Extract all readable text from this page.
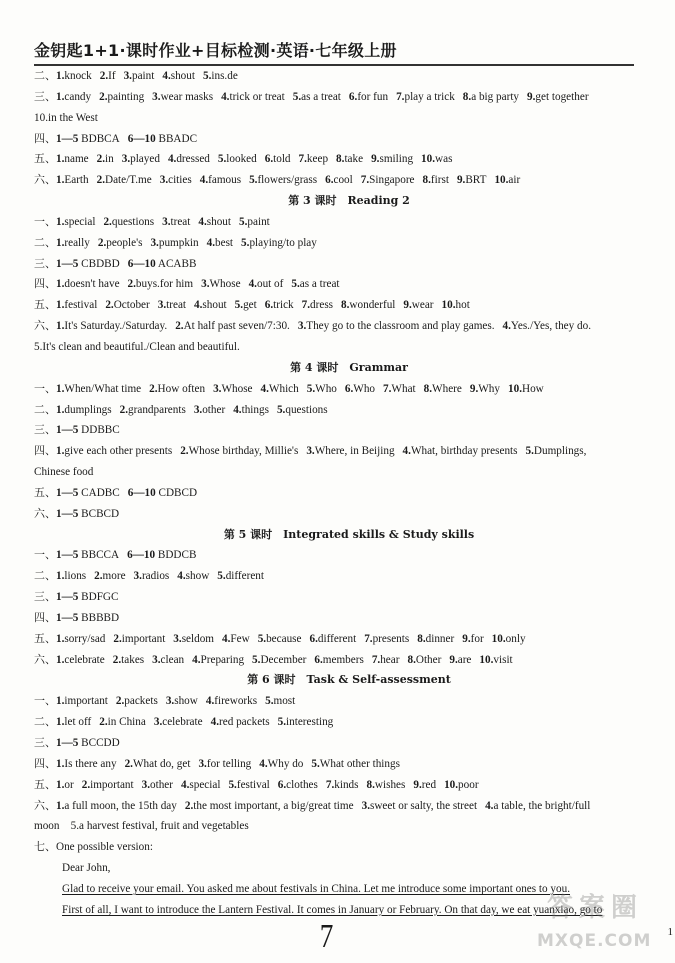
金钥匙1+1·课时作业+目标检测·英语·七年级上册
二、1.knock 2.If 3.paint 4.shout 5.ins.de
三、1.candy 2.painting 3.wear masks 4.trick or treat 5.as a treat 6.for fun 7.play a trick 8.a big party 9.get together
10.in the West
四、1—5 BDBCA 6—10 BBADC
五、1.name 2.in 3.played 4.dressed 5.looked 6.told 7.keep 8.take 9.smiling 10.was
六、1.Earth 2.Date/T.me 3.cities 4.famous 5.flowers/grass 6.cool 7.Singapore 8.first 9.BRT 10.air
第 3 课时　Reading 2
一、1.special 2.questions 3.treat 4.shout 5.paint
二、1.really 2.people's 3.pumpkin 4.best 5.playing/to play
三、1—5 CBDBD 6—10 ACABB
四、1.doesn't have 2.buys.for him 3.Whose 4.out of 5.as a treat
五、1.festival 2.October 3.treat 4.shout 5.get 6.trick 7.dress 8.wonderful 9.wear 10.hot
六、1.It's Saturday./Saturday. 2.At half past seven/7:30. 3.They go to the classroom and play games. 4.Yes./Yes, they do.
5.It's clean and beautiful./Clean and beautiful.
第 4 课时　Grammar
一、1.When/What time 2.How often 3.Whose 4.Which 5.Who 6.Who 7.What 8.Where 9.Why 10.How
二、1.dumplings 2.grandparents 3.other 4.things 5.questions
三、1—5 DDBBC
四、1.give each other presents 2.Whose birthday, Millie's 3.Where, in Beijing 4.What, birthday presents 5.Dumplings,
Chinese food
五、1—5 CADBC 6—10 CDBCD
六、1—5 BCBCD
第 5 课时　Integrated skills & Study skills
一、1—5 BBCCA 6—10 BDDCB
二、1.lions 2.more 3.radios 4.show 5.different
三、1—5 BDFGC
四、1—5 BBBBD
五、1.sorry/sad 2.important 3.seldom 4.Few 5.because 6.different 7.presents 8.dinner 9.for 10.only
六、1.celebrate 2.takes 3.clean 4.Preparing 5.December 6.members 7.hear 8.Other 9.are 10.visit
第 6 课时　Task & Self-assessment
一、1.important 2.packets 3.show 4.fireworks 5.most
二、1.let off 2.in China 3.celebrate 4.red packets 5.interesting
三、1—5 BCCDD
四、1.Is there any 2.What do, get 3.for telling 4.Why do 5.What other things
五、1.or 2.important 3.other 4.special 5.festival 6.clothes 7.kinds 8.wishes 9.red 10.poor
六、1.a full moon, the 15th day 2.the most important, a big/great time 3.sweet or salty, the street 4.a table, the bright/full
moon　5.a harvest festival, fruit and vegetables
七、One possible version:
Dear John,
Glad to receive your email. You asked me about festivals in China. Let me introduce some important ones to you.
First of all, I want to introduce the Lantern Festival. It comes in January or February. On that day, we eat yuanxiao, go to
7	1
答案圈
MXQE.COM
